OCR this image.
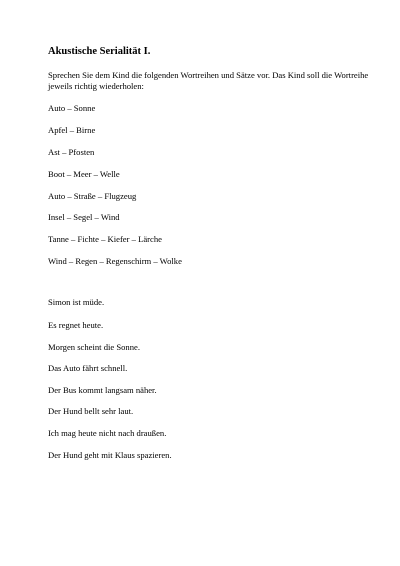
Akustische Serialität I.
Sprechen Sie dem Kind die folgenden Wortreihen und Sätze vor. Das Kind soll die Wortreihe jeweils richtig wiederholen:
Auto – Sonne
Apfel – Birne
Ast – Pfosten
Boot – Meer – Welle
Auto – Straße – Flugzeug
Insel – Segel – Wind
Tanne – Fichte – Kiefer – Lärche
Wind – Regen – Regenschirm – Wolke
Simon ist müde.
Es regnet heute.
Morgen scheint die Sonne.
Das Auto fährt schnell.
Der Bus kommt langsam näher.
Der Hund bellt sehr laut.
Ich mag heute nicht nach draußen.
Der Hund geht mit Klaus spazieren.
